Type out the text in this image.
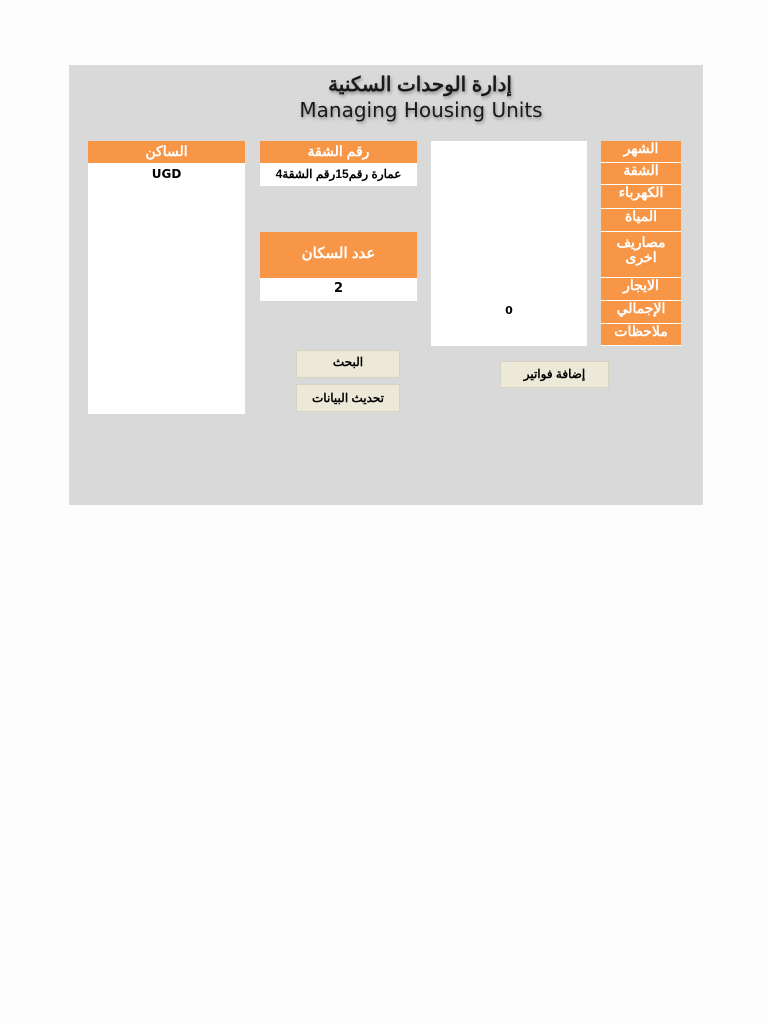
إدارة الوحدات السكنية
Managing Housing Units
الساكن
UGD
رقم الشقة
عمارة رقم15رقم الشقة4
عدد السكان
2
0
البحث
تحديث البيانات
إضافة فواتير
الشهر
الشقة
الكهرباء
المياة
مصاريف اخرى
الايجار
الإجمالي
ملاحظات
